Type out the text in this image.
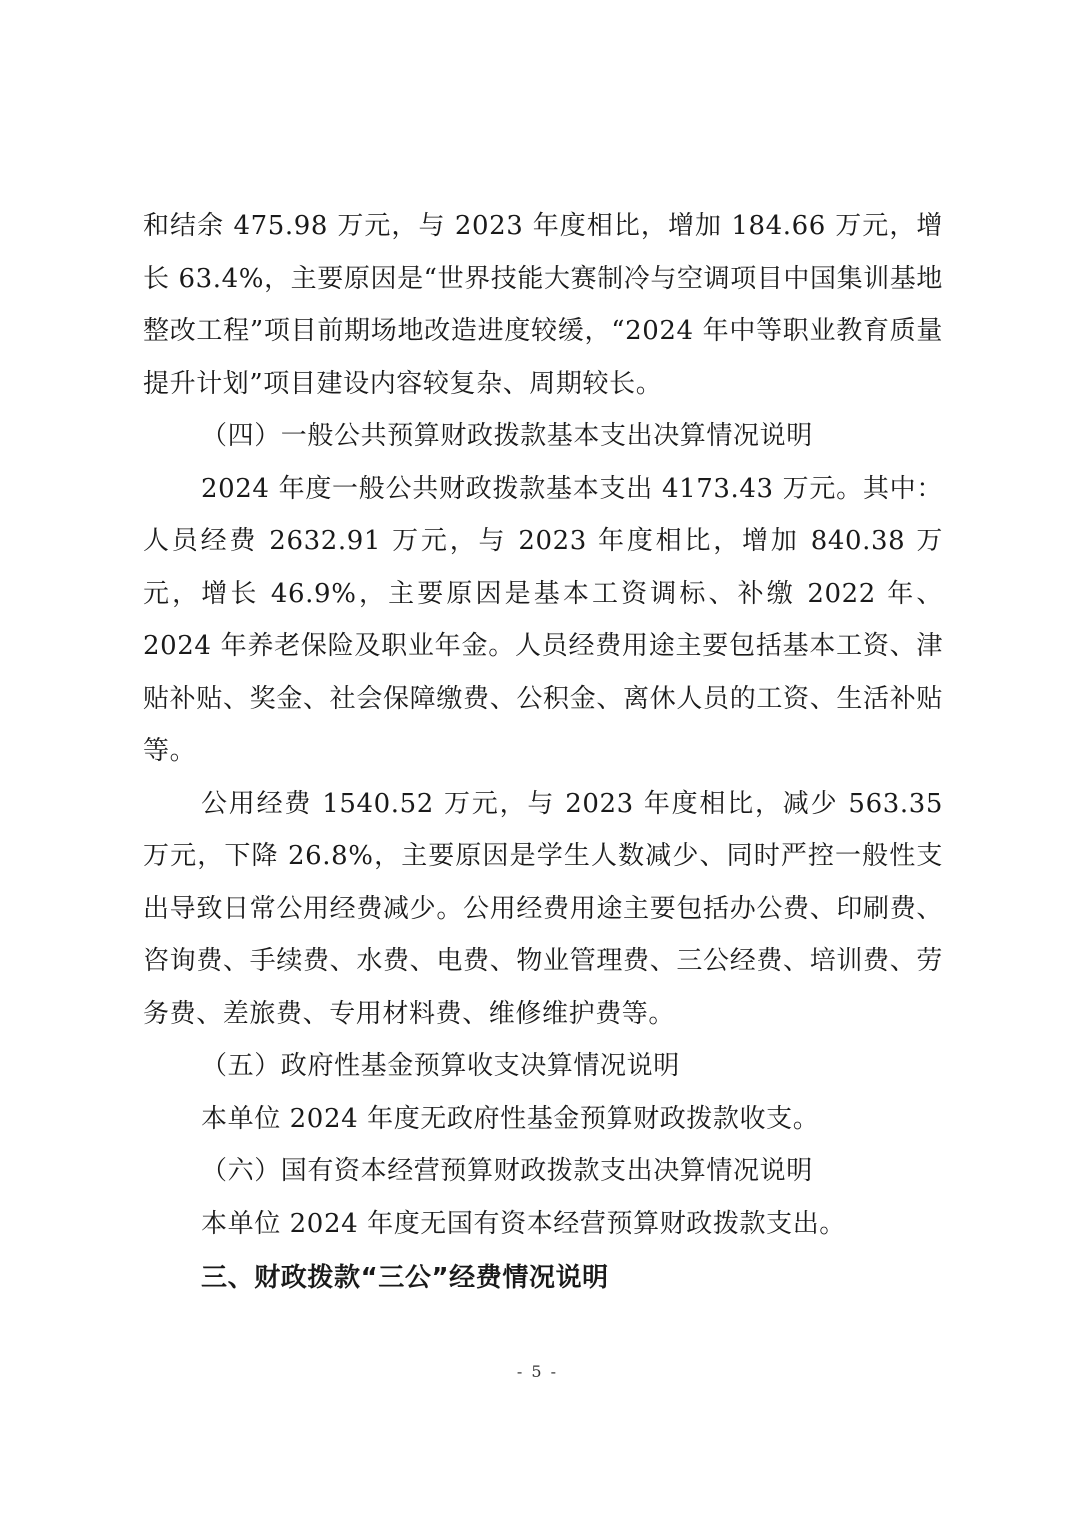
和结余 475.98 万元，与 2023 年度相比，增加 184.66 万元，增长 63.4%，主要原因是“世界技能大赛制冷与空调项目中国集训基地整改工程”项目前期场地改造进度较缓，“2024 年中等职业教育质量提升计划”项目建设内容较复杂、周期较长。

（四）一般公共预算财政拨款基本支出决算情况说明

2024 年度一般公共财政拨款基本支出 4173.43 万元。其中：人员经费 2632.91 万元，与 2023 年度相比，增加 840.38 万元，增长 46.9%，主要原因是基本工资调标、补缴 2022 年、2024 年养老保险及职业年金。人员经费用途主要包括基本工资、津贴补贴、奖金、社会保障缴费、公积金、离休人员的工资、生活补贴等。

公用经费 1540.52 万元，与 2023 年度相比，减少 563.35 万元，下降 26.8%，主要原因是学生人数减少、同时严控一般性支出导致日常公用经费减少。公用经费用途主要包括办公费、印刷费、咨询费、手续费、水费、电费、物业管理费、三公经费、培训费、劳务费、差旅费、专用材料费、维修维护费等。

（五）政府性基金预算收支决算情况说明

本单位 2024 年度无政府性基金预算财政拨款收支。

（六）国有资本经营预算财政拨款支出决算情况说明

本单位 2024 年度无国有资本经营预算财政拨款支出。

三、财政拨款“三公”经费情况说明

- 5 -
